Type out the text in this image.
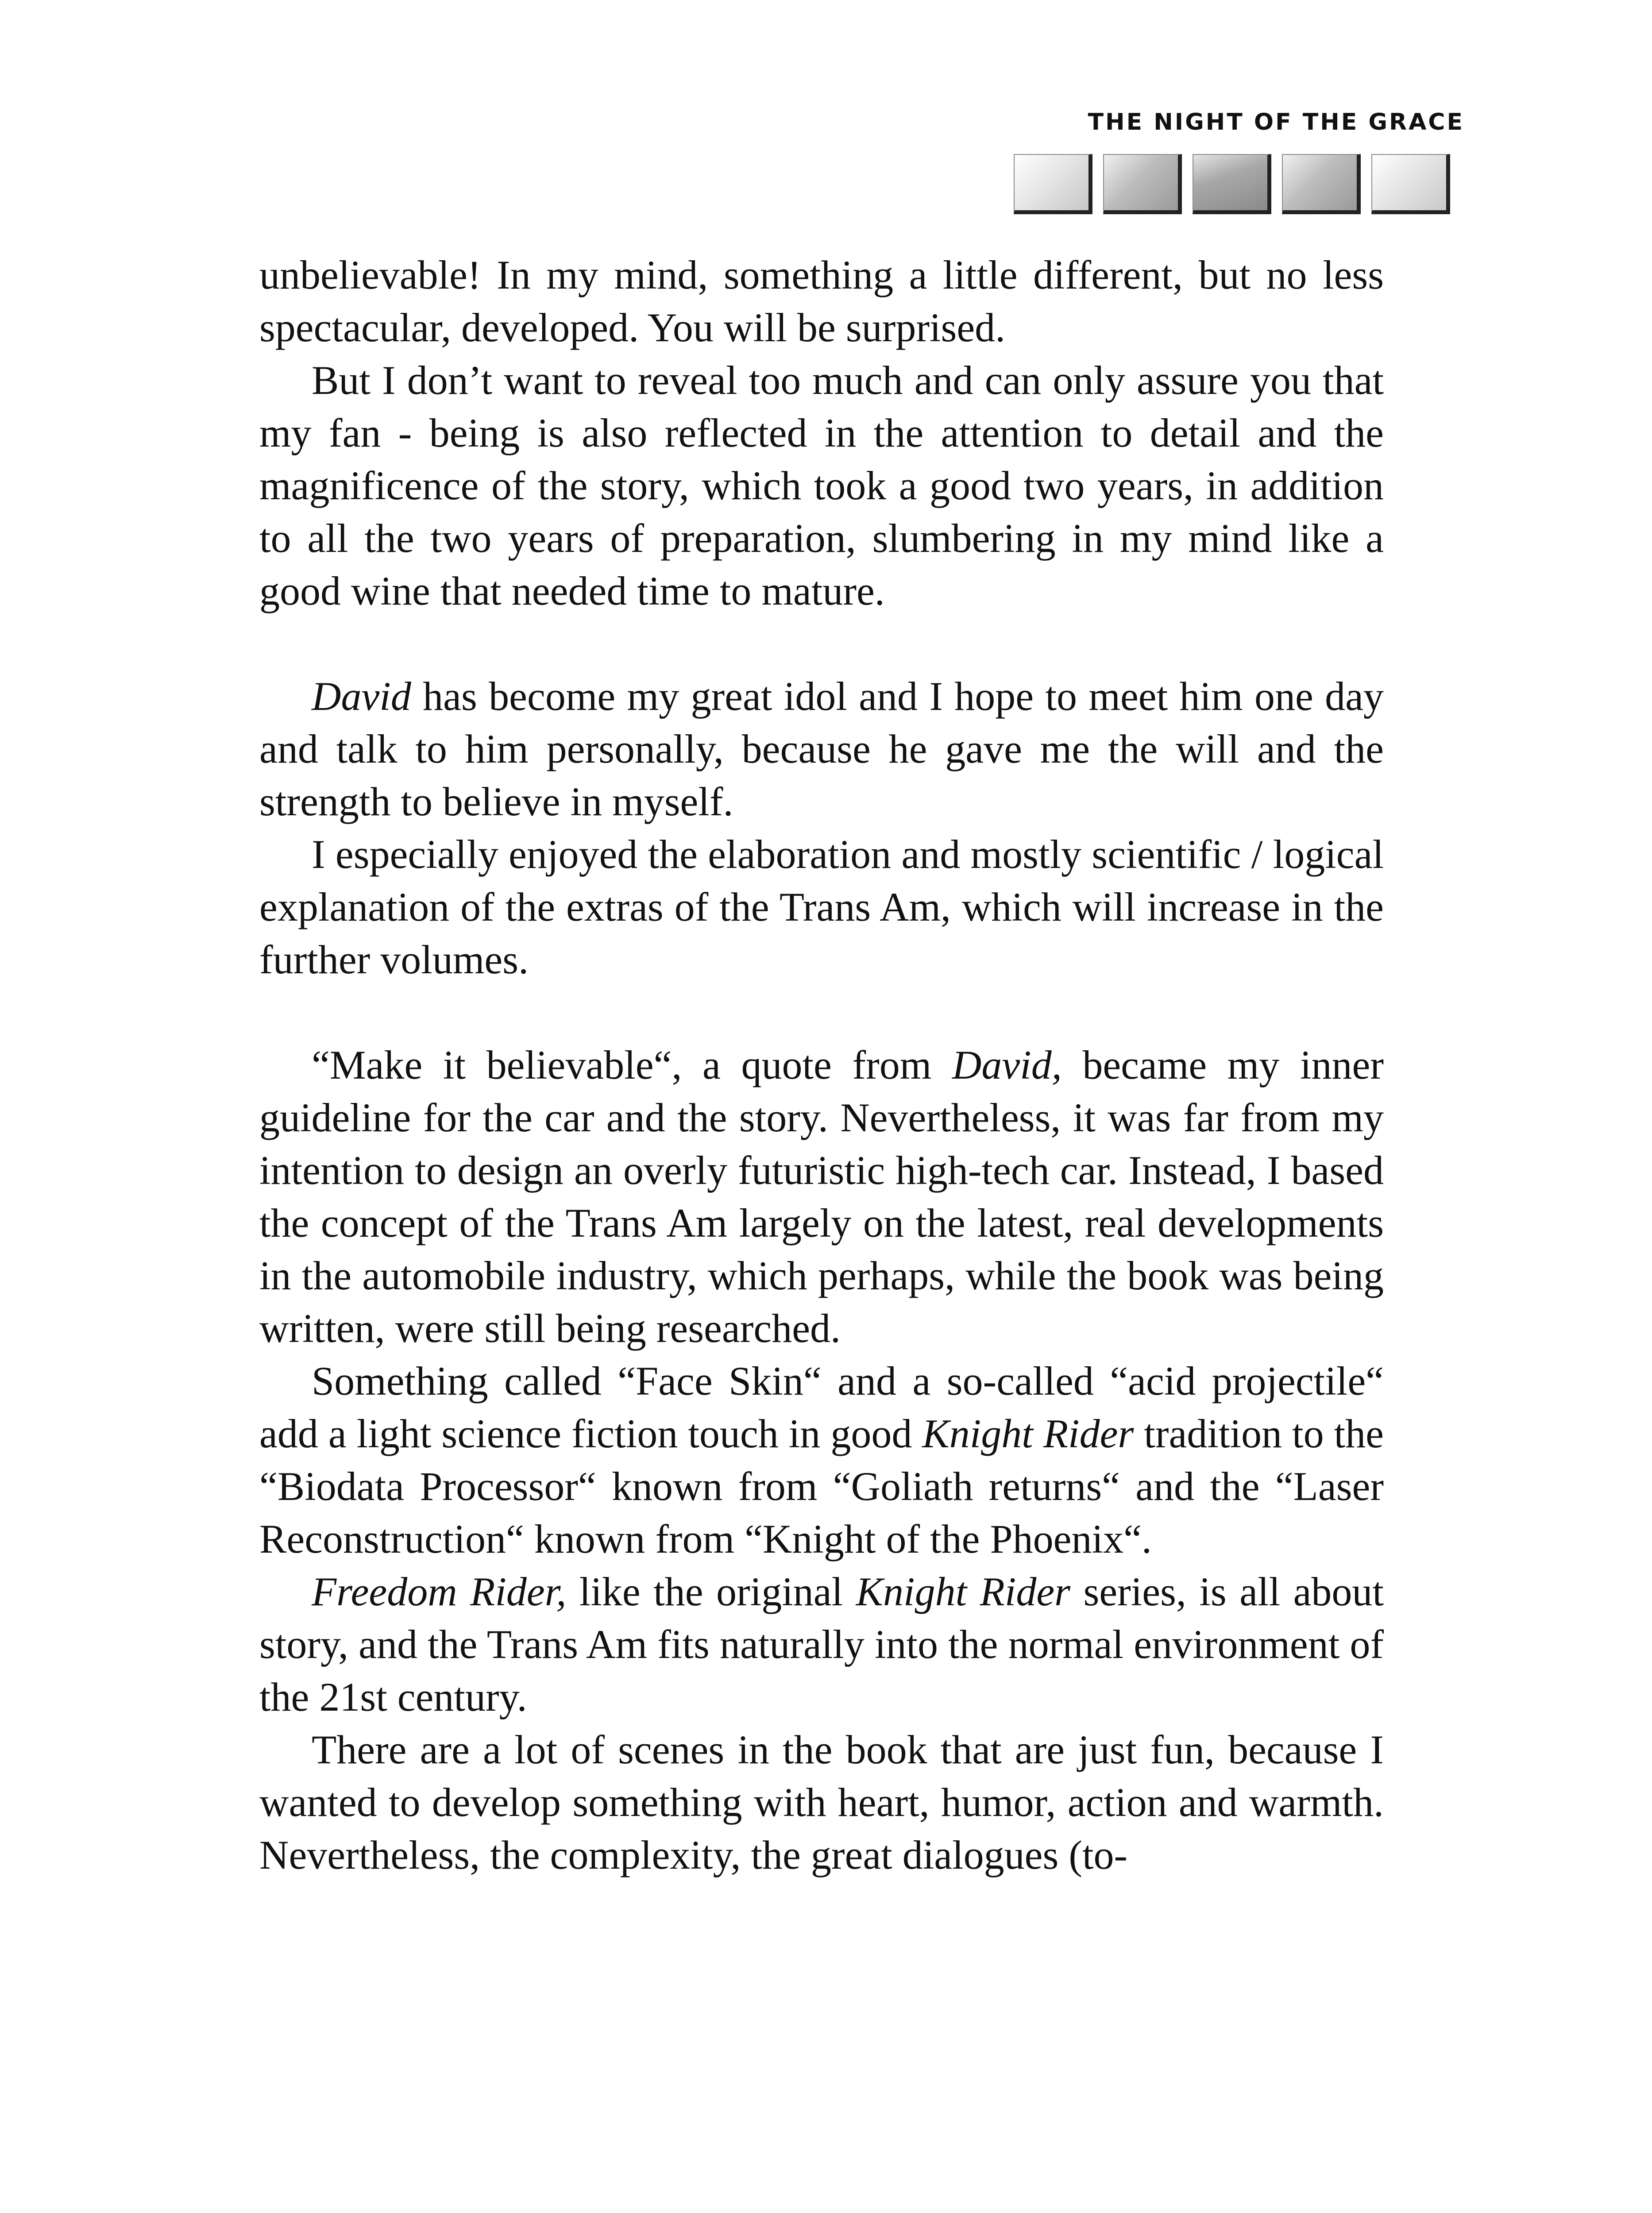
THE NIGHT OF THE GRACE

unbelievable! In my mind, something a little different, but no less spectacular, developed. You will be surprised.

But I don’t want to reveal too much and can only assure you that my fan - being is also reflected in the attention to detail and the magnificence of the story, which took a good two years, in addition to all the two years of preparation, slumbering in my mind like a good wine that needed time to mature.

David has become my great idol and I hope to meet him one day and talk to him personally, because he gave me the will and the strength to believe in myself.

I especially enjoyed the elaboration and mostly scientific / logical explanation of the extras of the Trans Am, which will increase in the further volumes.

“Make it believable“, a quote from David, became my inner guideline for the car and the story. Nevertheless, it was far from my intention to design an overly futuristic high-tech car. Instead, I based the concept of the Trans Am largely on the latest, real developments in the automobile industry, which perhaps, while the book was being written, were still being researched.

Something called “Face Skin“ and a so-called “acid projectile“ add a light science fiction touch in good Knight Rider tradition to the “Biodata Processor“ known from “Goliath returns“ and the “Laser Reconstruction“ known from “Knight of the Phoenix“.

Freedom Rider, like the original Knight Rider series, is all about story, and the Trans Am fits naturally into the normal environment of the 21st century.

There are a lot of scenes in the book that are just fun, because I wanted to develop something with heart, humor, action and warmth. Nevertheless, the complexity, the great dialogues (to-
